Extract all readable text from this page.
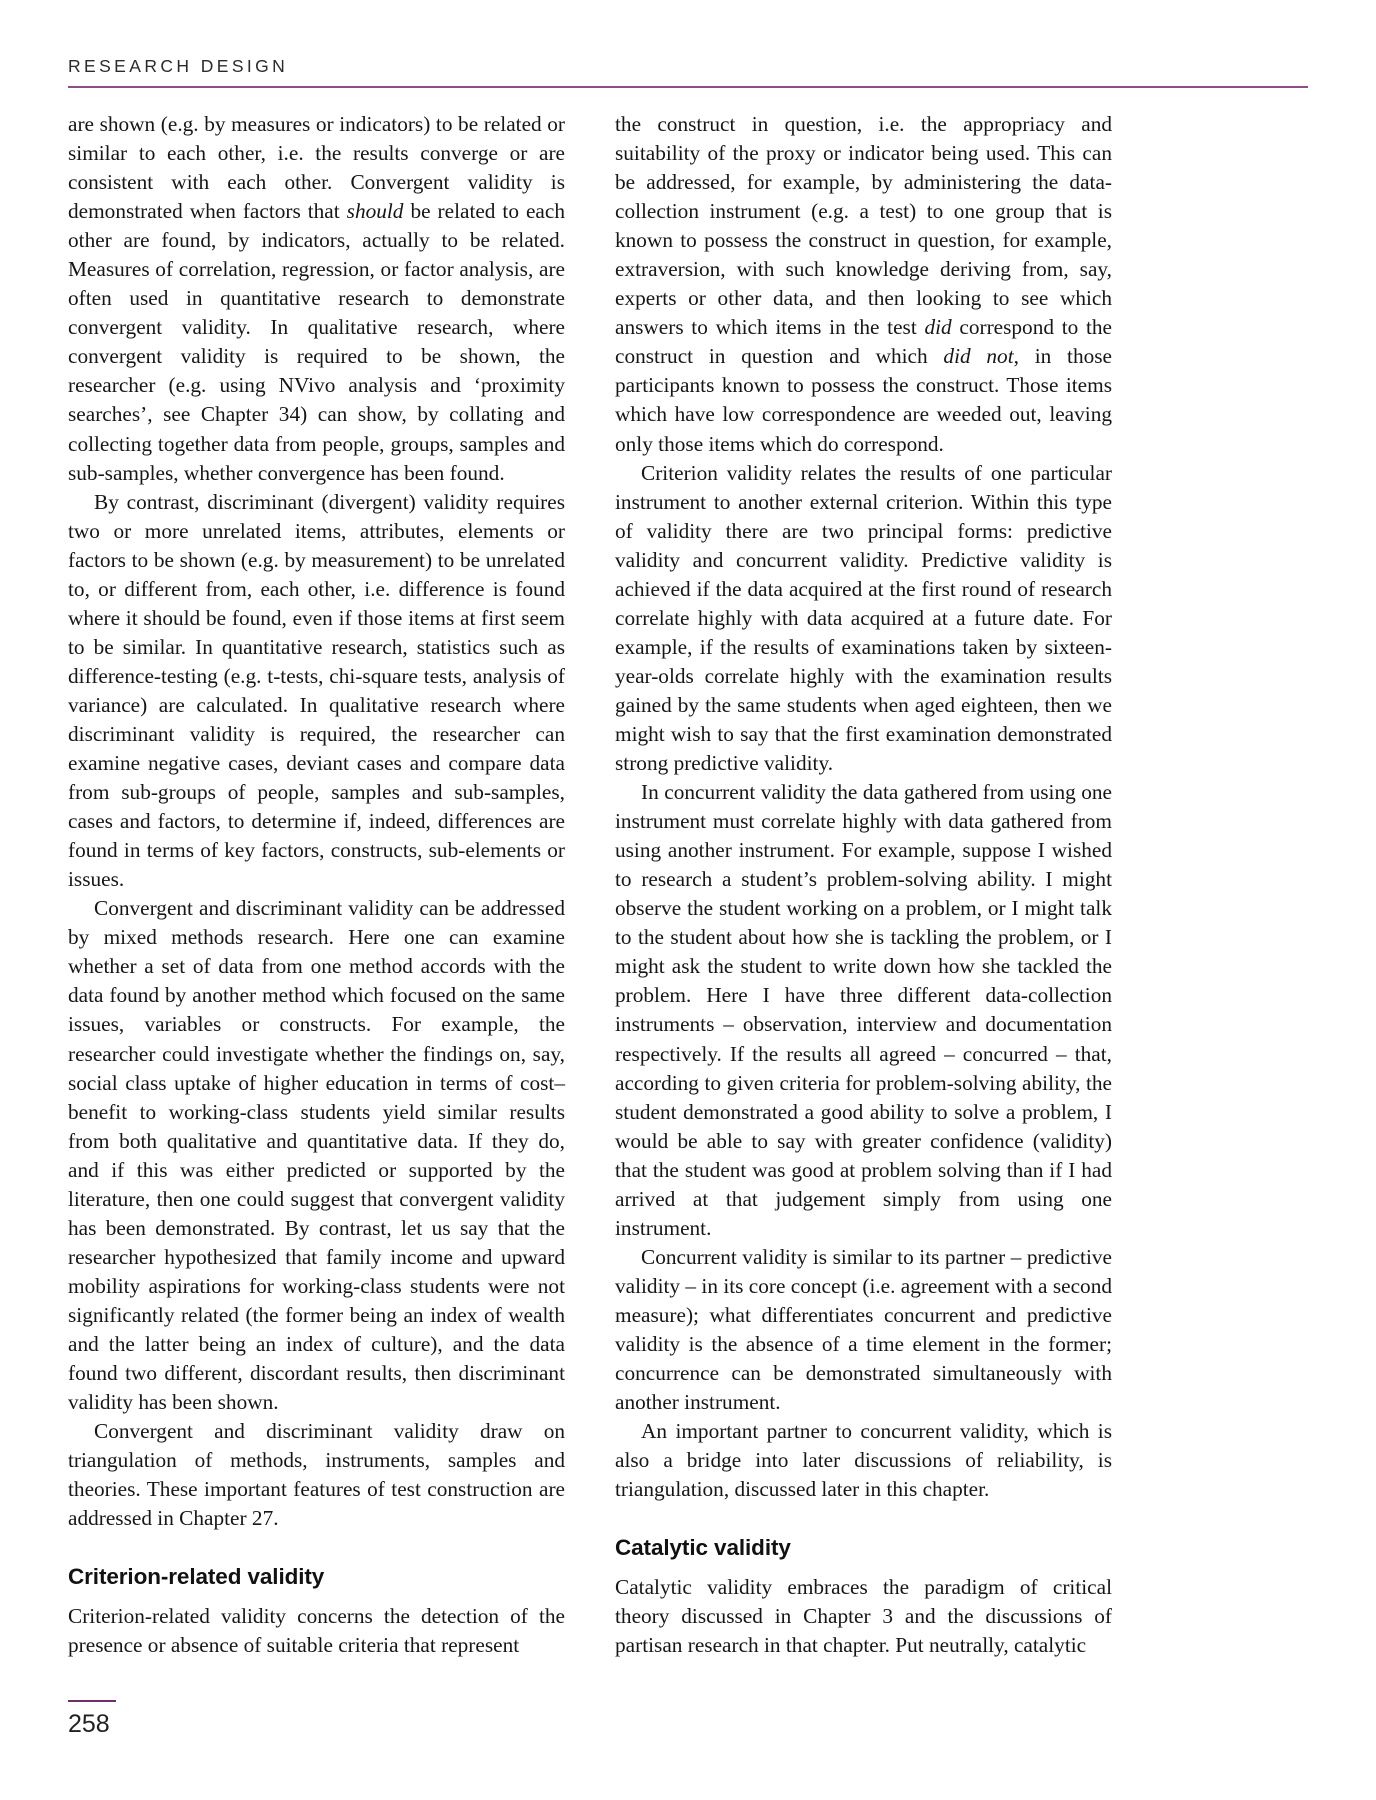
RESEARCH DESIGN

are shown (e.g. by measures or indicators) to be related or similar to each other, i.e. the results converge or are consistent with each other. Convergent validity is demonstrated when factors that should be related to each other are found, by indicators, actually to be related. Measures of correlation, regression, or factor analysis, are often used in quantitative research to demonstrate convergent validity. In qualitative research, where convergent validity is required to be shown, the researcher (e.g. using NVivo analysis and ‘proximity searches’, see Chapter 34) can show, by collating and collecting together data from people, groups, samples and sub-samples, whether convergence has been found.

By contrast, discriminant (divergent) validity requires two or more unrelated items, attributes, elements or factors to be shown (e.g. by measurement) to be unrelated to, or different from, each other, i.e. difference is found where it should be found, even if those items at first seem to be similar. In quantitative research, statistics such as difference-testing (e.g. t-tests, chi-square tests, analysis of variance) are calculated. In qualitative research where discriminant validity is required, the researcher can examine negative cases, deviant cases and compare data from sub-groups of people, samples and sub-samples, cases and factors, to determine if, indeed, differences are found in terms of key factors, constructs, sub-elements or issues.

Convergent and discriminant validity can be addressed by mixed methods research. Here one can examine whether a set of data from one method accords with the data found by another method which focused on the same issues, variables or constructs. For example, the researcher could investigate whether the findings on, say, social class uptake of higher education in terms of cost–benefit to working-class students yield similar results from both qualitative and quantitative data. If they do, and if this was either predicted or supported by the literature, then one could suggest that convergent validity has been demonstrated. By contrast, let us say that the researcher hypothesized that family income and upward mobility aspirations for working-class students were not significantly related (the former being an index of wealth and the latter being an index of culture), and the data found two different, discordant results, then discriminant validity has been shown.

Convergent and discriminant validity draw on triangulation of methods, instruments, samples and theories. These important features of test construction are addressed in Chapter 27.

Criterion-related validity

Criterion-related validity concerns the detection of the presence or absence of suitable criteria that represent

the construct in question, i.e. the appropriacy and suitability of the proxy or indicator being used. This can be addressed, for example, by administering the data-collection instrument (e.g. a test) to one group that is known to possess the construct in question, for example, extraversion, with such knowledge deriving from, say, experts or other data, and then looking to see which answers to which items in the test did correspond to the construct in question and which did not, in those participants known to possess the construct. Those items which have low correspondence are weeded out, leaving only those items which do correspond.

Criterion validity relates the results of one particular instrument to another external criterion. Within this type of validity there are two principal forms: predictive validity and concurrent validity. Predictive validity is achieved if the data acquired at the first round of research correlate highly with data acquired at a future date. For example, if the results of examinations taken by sixteen-year-olds correlate highly with the examination results gained by the same students when aged eighteen, then we might wish to say that the first examination demonstrated strong predictive validity.

In concurrent validity the data gathered from using one instrument must correlate highly with data gathered from using another instrument. For example, suppose I wished to research a student’s problem-solving ability. I might observe the student working on a problem, or I might talk to the student about how she is tackling the problem, or I might ask the student to write down how she tackled the problem. Here I have three different data-collection instruments – observation, interview and documentation respectively. If the results all agreed – concurred – that, according to given criteria for problem-solving ability, the student demonstrated a good ability to solve a problem, I would be able to say with greater confidence (validity) that the student was good at problem solving than if I had arrived at that judgement simply from using one instrument.

Concurrent validity is similar to its partner – predictive validity – in its core concept (i.e. agreement with a second measure); what differentiates concurrent and predictive validity is the absence of a time element in the former; concurrence can be demonstrated simultaneously with another instrument.

An important partner to concurrent validity, which is also a bridge into later discussions of reliability, is triangulation, discussed later in this chapter.

Catalytic validity

Catalytic validity embraces the paradigm of critical theory discussed in Chapter 3 and the discussions of partisan research in that chapter. Put neutrally, catalytic

258
